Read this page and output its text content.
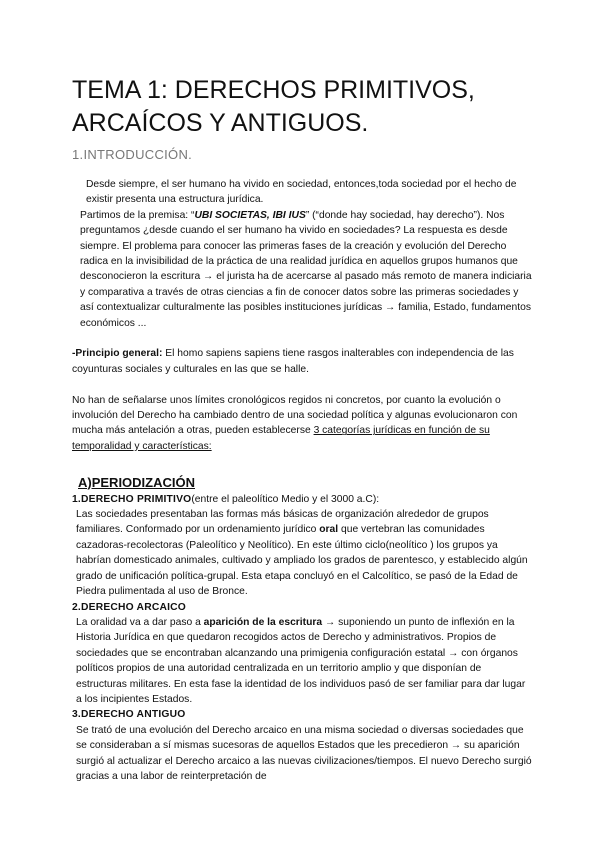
TEMA 1: DERECHOS PRIMITIVOS,
ARCAÍCOS Y ANTIGUOS.

1.INTRODUCCIÓN.

Desde siempre, el ser humano ha vivido en sociedad, entonces,toda sociedad por el hecho de existir presenta una estructura jurídica.

Partimos de la premisa: “UBI SOCIETAS, IBI IUS” (“donde hay sociedad, hay derecho”). Nos preguntamos ¿desde cuando el ser humano ha vivido en sociedades? La respuesta es desde siempre. El problema para conocer las primeras fases de la creación y evolución del Derecho radica en la invisibilidad de la práctica de una realidad jurídica en aquellos grupos humanos que desconocieron la escritura → el jurista ha de acercarse al pasado más remoto de manera indiciaria y comparativa a través de otras ciencias a fin de conocer datos sobre las primeras sociedades y así contextualizar culturalmente las posibles instituciones jurídicas → familia, Estado, fundamentos económicos ...

-Principio general: El homo sapiens sapiens tiene rasgos inalterables con independencia de las coyunturas sociales y culturales en las que se halle.

No han de señalarse unos límites cronológicos regidos ni concretos, por cuanto la evolución o involución del Derecho ha cambiado dentro de una sociedad política y algunas evolucionaron con mucha más antelación a otras, pueden establecerse 3 categorías jurídicas en función de su temporalidad y características:

A)PERIODIZACIÓN

1.DERECHO PRIMITIVO(entre el paleolítico Medio y el 3000 a.C):

Las sociedades presentaban las formas más básicas de organización alrededor de grupos familiares. Conformado por un ordenamiento jurídico oral que vertebran las comunidades cazadoras-recolectoras (Paleolítico y Neolítico). En este último ciclo(neolítico ) los grupos ya habrían domesticado animales, cultivado y ampliado los grados de parentesco, y establecido algún grado de unificación política-grupal. Esta etapa concluyó en el Calcolítico, se pasó de la Edad de Piedra pulimentada al uso de Bronce.

2.DERECHO ARCAICO

La oralidad va a dar paso a aparición de la escritura → suponiendo un punto de inflexión en la Historia Jurídica en que quedaron recogidos actos de Derecho y administrativos. Propios de sociedades que se encontraban alcanzando una primigenia configuración estatal → con órganos políticos propios de una autoridad centralizada en un territorio amplio y que disponían de estructuras militares. En esta fase la identidad de los individuos pasó de ser familiar para dar lugar a los incipientes Estados.

3.DERECHO ANTIGUO

Se trató de una evolución del Derecho arcaico en una misma sociedad o diversas sociedades que se consideraban a sí mismas sucesoras de aquellos Estados que les precedieron → su aparición surgió al actualizar el Derecho arcaico a las nuevas civilizaciones/tiempos. El nuevo Derecho surgió gracias a una labor de reinterpretación de
